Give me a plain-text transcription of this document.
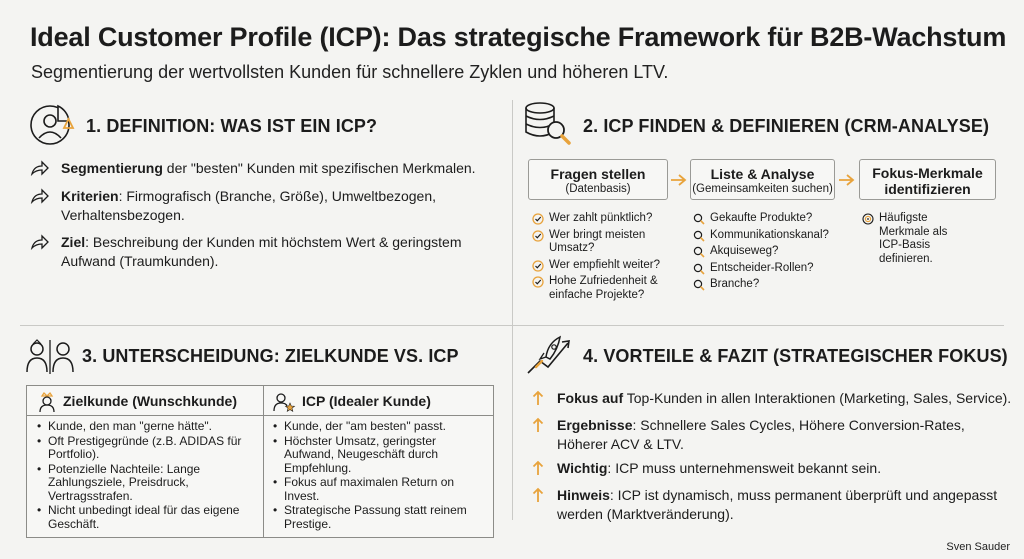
Ideal Customer Profile (ICP): Das strategische Framework für B2B-Wachstum
Segmentierung der wertvollsten Kunden für schnellere Zyklen und höheren LTV.
1. DEFINITION: WAS IST EIN ICP?
Segmentierung der "besten" Kunden mit spezifischen Merkmalen.
Kriterien: Firmografisch (Branche, Größe), Umweltbezogen, Verhaltensbezogen.
Ziel: Beschreibung der Kunden mit höchstem Wert & geringstem Aufwand (Traumkunden).
2. ICP FINDEN & DEFINIEREN (CRM-ANALYSE)
Fragen stellen
(Datenbasis)
Liste & Analyse
(Gemeinsamkeiten suchen)
Fokus-Merkmale identifizieren
Wer zahlt pünktlich?
Wer bringt meisten Umsatz?
Wer empfiehlt weiter?
Hohe Zufriedenheit & einfache Projekte?
Gekaufte Produkte?
Kommunikationskanal?
Akquiseweg?
Entscheider-Rollen?
Branche?
Häufigste Merkmale als ICP-Basis definieren.
3. UNTERSCHEIDUNG: ZIELKUNDE VS. ICP
Zielkunde (Wunschkunde)	ICP (Idealer Kunde)
• Kunde, den man "gerne hätte".
• Oft Prestigegründe (z.B. ADIDAS für Portfolio).
• Potenzielle Nachteile: Lange Zahlungsziele, Preisdruck, Vertragsstrafen.
• Nicht unbedingt ideal für das eigene Geschäft.
• Kunde, der "am besten" passt.
• Höchster Umsatz, geringster Aufwand, Neugeschäft durch Empfehlung.
• Fokus auf maximalen Return on Invest.
• Strategische Passung statt reinem Prestige.
4. VORTEILE & FAZIT (STRATEGISCHER FOKUS)
Fokus auf Top-Kunden in allen Interaktionen (Marketing, Sales, Service).
Ergebnisse: Schnellere Sales Cycles, Höhere Conversion-Rates, Höherer ACV & LTV.
Wichtig: ICP muss unternehmensweit bekannt sein.
Hinweis: ICP ist dynamisch, muss permanent überprüft und angepasst werden (Marktveränderung).
Sven Sauder
